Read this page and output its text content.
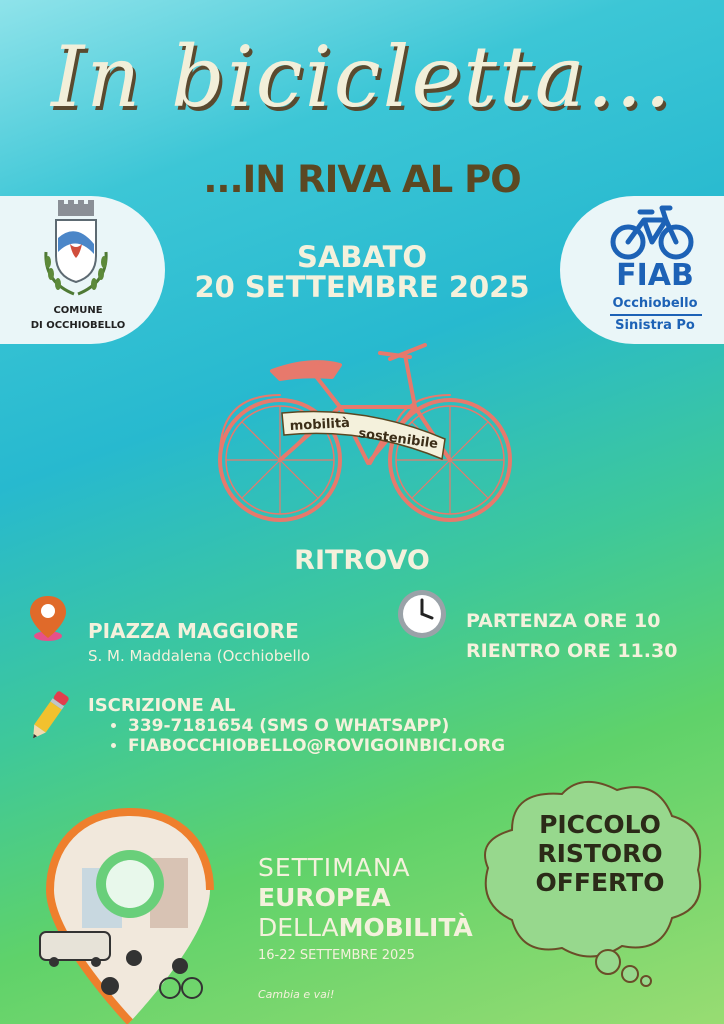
In bicicletta...
...IN RIVA AL PO
COMUNE
DI OCCHIOBELLO
FIAB
Occhiobello
Sinistra Po
SABATO
20 SETTEMBRE 2025
mobilità
sostenibile
RITROVO
PIAZZA MAGGIORE
S. M. Maddalena (Occhiobello
PARTENZA ORE 10
RIENTRO ORE 11.30
ISCRIZIONE AL
• 339-7181654 (SMS O WHATSAPP)
• FIABOCCHIOBELLO@ROVIGOINBICI.ORG
PICCOLO
RISTORO
OFFERTO
SETTIMANA
EUROPEA
DELLAMOBILITÀ
16-22 SETTEMBRE 2025
Cambia e vai!
